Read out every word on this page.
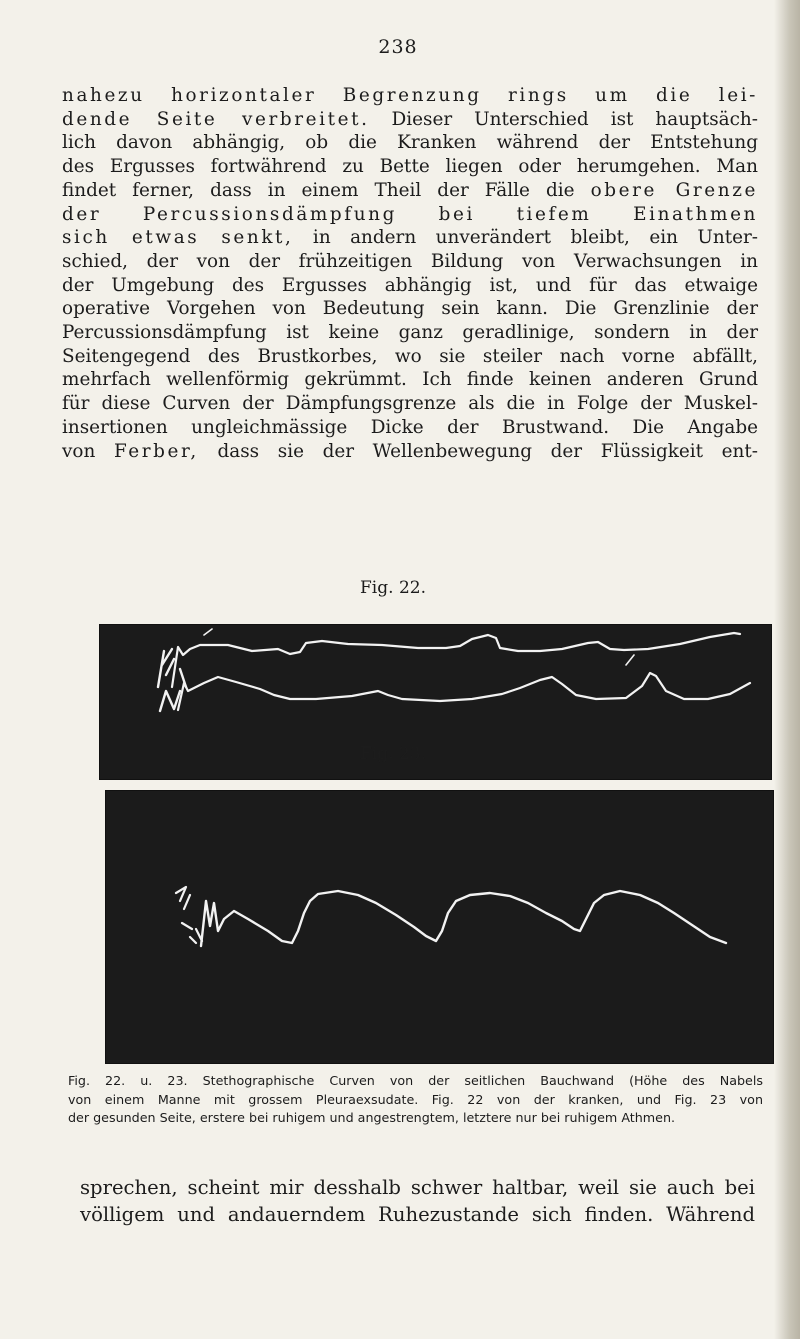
238
nahezu horizontaler Begrenzung rings um die lei-
dende Seite verbreitet. Dieser Unterschied ist hauptsäch-
lich davon abhängig, ob die Kranken während der Entstehung
des Ergusses fortwährend zu Bette liegen oder herumgehen. Man
findet ferner, dass in einem Theil der Fälle die obere Grenze
der Percussionsdämpfung bei tiefem Einathmen
sich etwas senkt, in andern unverändert bleibt, ein Unter-
schied, der von der frühzeitigen Bildung von Verwachsungen in
der Umgebung des Ergusses abhängig ist, und für das etwaige
operative Vorgehen von Bedeutung sein kann. Die Grenzlinie der
Percussionsdämpfung ist keine ganz geradlinige, sondern in der
Seitengegend des Brustkorbes, wo sie steiler nach vorne abfällt,
mehrfach wellenförmig gekrümmt. Ich finde keinen anderen Grund
für diese Curven der Dämpfungsgrenze als die in Folge der Muskel-
insertionen ungleichmässige Dicke der Brustwand. Die Angabe
von Ferber, dass sie der Wellenbewegung der Flüssigkeit ent-
Fig. 22.
Fig. 23.
Fig. 22. u. 23. Stethographische Curven von der seitlichen Bauchwand (Höhe des Nabels
von einem Manne mit grossem Pleuraexsudate. Fig. 22 von der kranken, und Fig. 23 von
der gesunden Seite, erstere bei ruhigem und angestrengtem, letztere nur bei ruhigem Athmen.
sprechen, scheint mir desshalb schwer haltbar, weil sie auch bei
völligem und andauerndem Ruhezustande sich finden. Während
